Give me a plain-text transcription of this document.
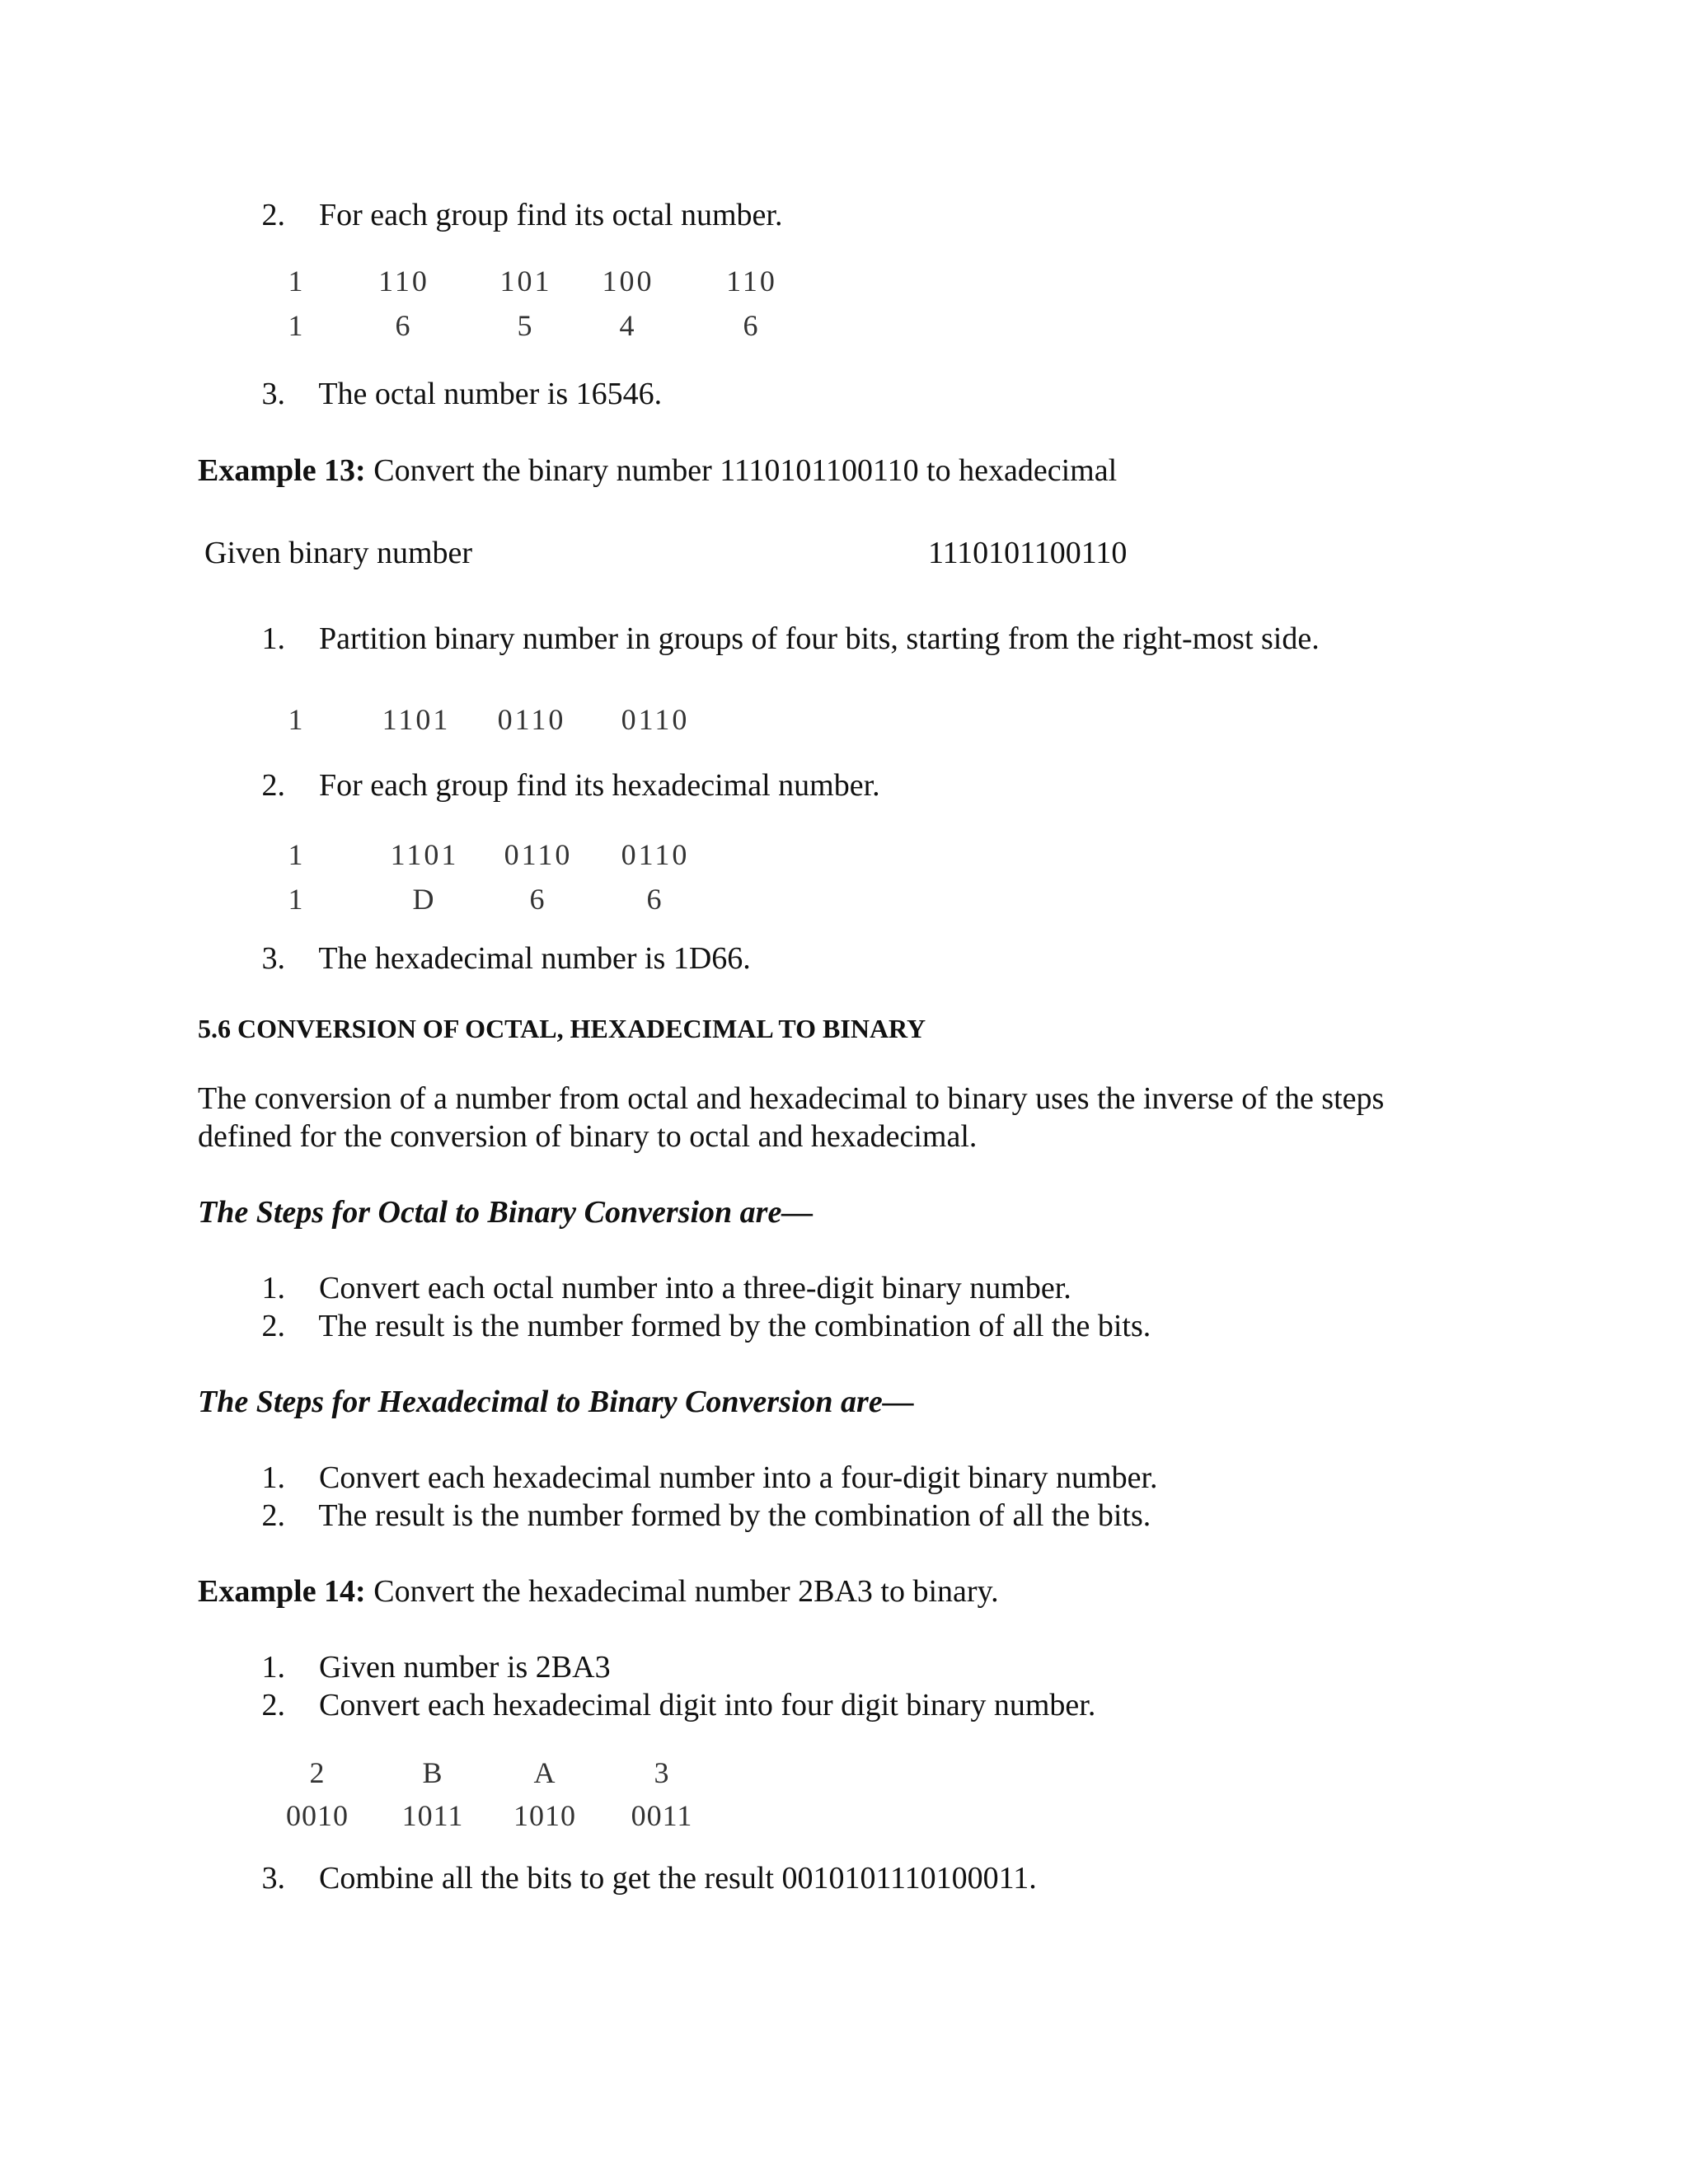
2. For each group find its octal number.
1	110	101	100	110
1	6	5	4	6
3. The octal number is 16546.
Example 13: Convert the binary number 1110101100110 to hexadecimal
Given binary number	1110101100110
1. Partition binary number in groups of four bits, starting from the right-most side.
1	1101	0110	0110
2. For each group find its hexadecimal number.
1	1101	0110	0110
1	D	6	6
3. The hexadecimal number is 1D66.
5.6 CONVERSION OF OCTAL, HEXADECIMAL TO BINARY
The conversion of a number from octal and hexadecimal to binary uses the inverse of the steps
defined for the conversion of binary to octal and hexadecimal.
The Steps for Octal to Binary Conversion are—
1. Convert each octal number into a three-digit binary number.
2. The result is the number formed by the combination of all the bits.
The Steps for Hexadecimal to Binary Conversion are—
1. Convert each hexadecimal number into a four-digit binary number.
2. The result is the number formed by the combination of all the bits.
Example 14: Convert the hexadecimal number 2BA3 to binary.
1. Given number is 2BA3
2. Convert each hexadecimal digit into four digit binary number.
2	B	A	3
0010 1011 1010 0011
3. Combine all the bits to get the result 0010101110100011.
